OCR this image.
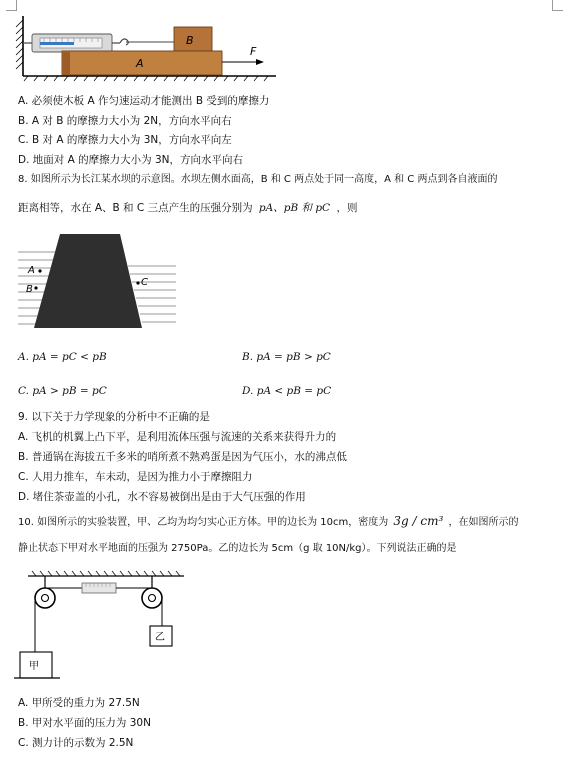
B
A
F
A. 必须使木板 A 作匀速运动才能测出 B 受到的摩擦力
B. A 对 B 的摩擦力大小为 2N，方向水平向右
C. B 对 A 的摩擦力大小为 3N，方向水平向左
D. 地面对 A 的摩擦力大小为 3N，方向水平向右
8. 如图所示为长江某水坝的示意图。水坝左侧水面高，B 和 C 两点处于同一高度，A 和 C 两点到各自液面的
距离相等，水在 A、B 和 C 三点产生的压强分别为 pA、pB 和 pC ，则
A
B
C
A. pA = pC < pB	B. pA = pB > pC
C. pA > pB = pC	D. pA < pB = pC
9. 以下关于力学现象的分析中不正确的是
A. 飞机的机翼上凸下平，是利用流体压强与流速的关系来获得升力的
B. 普通锅在海拔五千多米的哨所煮不熟鸡蛋是因为气压小，水的沸点低
C. 人用力推车，车未动，是因为推力小于摩擦阻力
D. 堵住茶壶盖的小孔，水不容易被倒出是由于大气压强的作用
10. 如图所示的实验装置，甲、乙均为均匀实心正方体。甲的边长为 10cm，密度为 3g / cm³ ，在如图所示的
静止状态下甲对水平地面的压强为 2750Pa。乙的边长为 5cm（g 取 10N/kg）。下列说法正确的是
甲
乙
A. 甲所受的重力为 27.5N
B. 甲对水平面的压力为 30N
C. 测力计的示数为 2.5N
